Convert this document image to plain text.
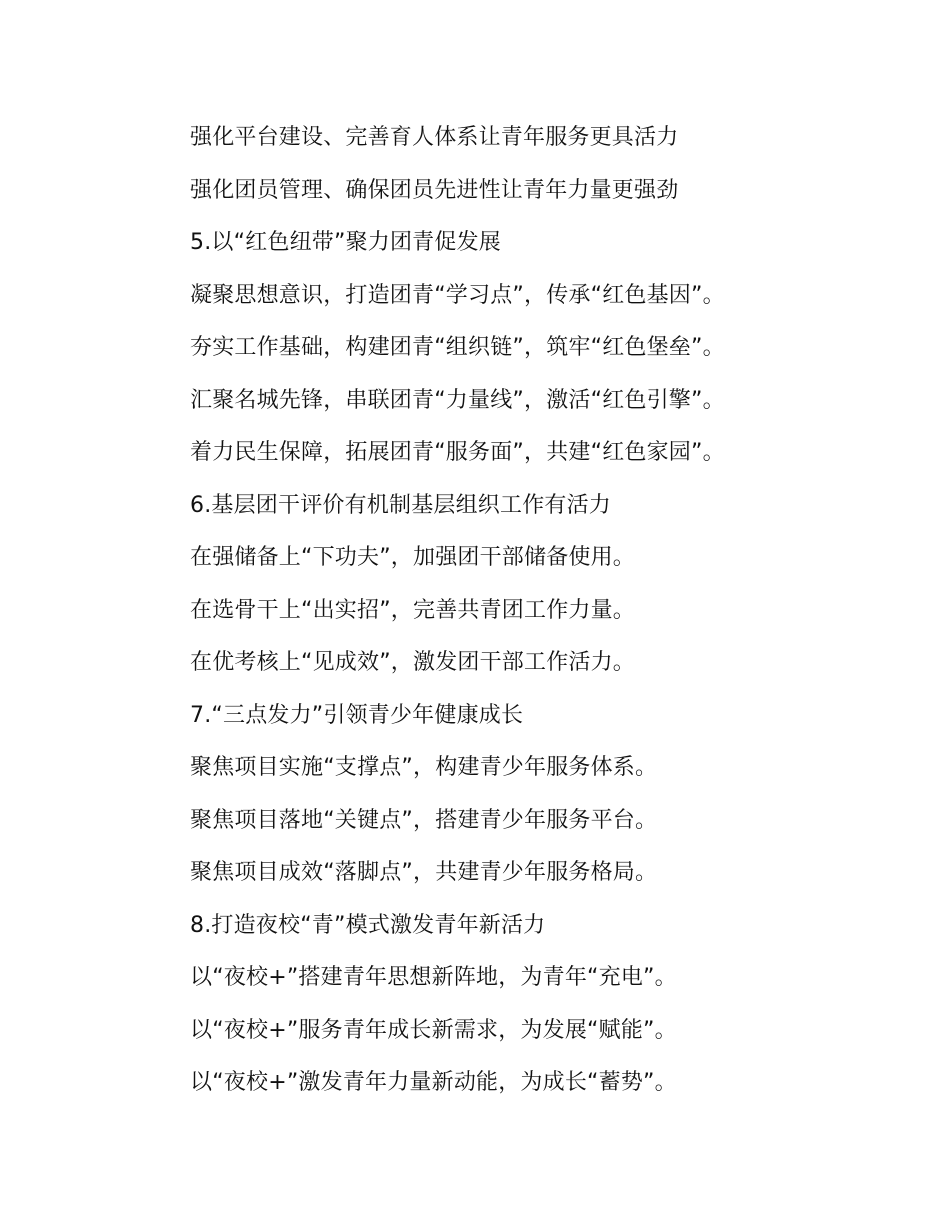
强化平台建设、完善育人体系让青年服务更具活力
强化团员管理、确保团员先进性让青年力量更强劲
5.以“红色纽带”聚力团青促发展
凝聚思想意识，打造团青“学习点”，传承“红色基因”。
夯实工作基础，构建团青“组织链”，筑牢“红色堡垒”。
汇聚名城先锋，串联团青“力量线”，激活“红色引擎”。
着力民生保障，拓展团青“服务面”，共建“红色家园”。
6.基层团干评价有机制基层组织工作有活力
在强储备上“下功夫”，加强团干部储备使用。
在选骨干上“出实招”，完善共青团工作力量。
在优考核上“见成效”，激发团干部工作活力。
7.“三点发力”引领青少年健康成长
聚焦项目实施“支撑点”，构建青少年服务体系。
聚焦项目落地“关键点”，搭建青少年服务平台。
聚焦项目成效“落脚点”，共建青少年服务格局。
8.打造夜校“青”模式激发青年新活力
以“夜校+”搭建青年思想新阵地，为青年“充电”。
以“夜校+”服务青年成长新需求，为发展“赋能”。
以“夜校+”激发青年力量新动能，为成长“蓄势”。
